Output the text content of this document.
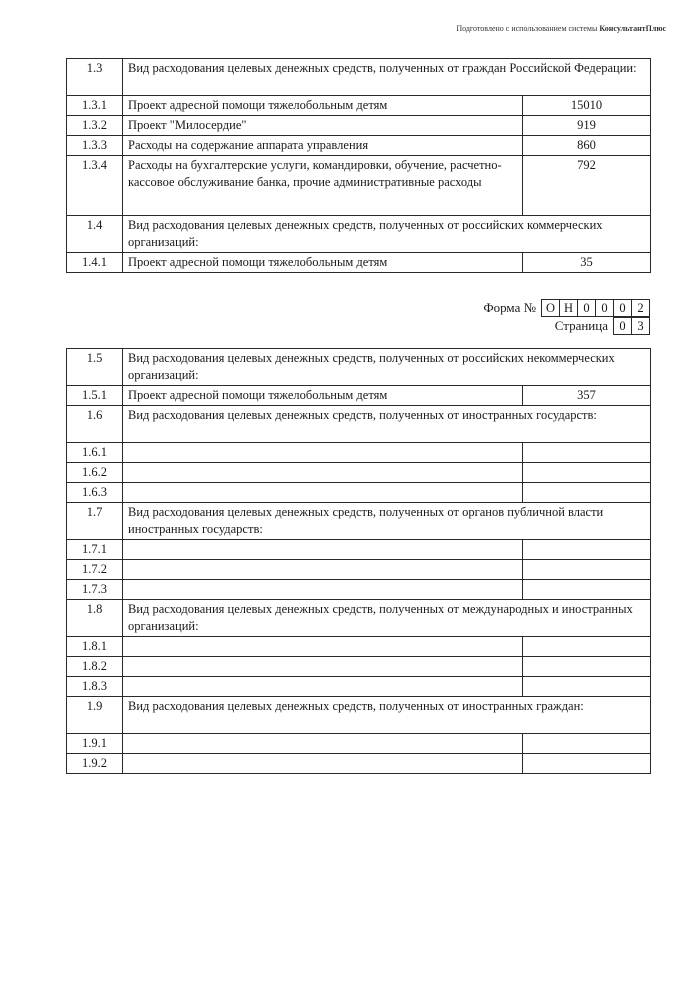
Подготовлено с использованием системы КонсультантПлюс
1.3	Вид расходования целевых денежных средств, полученных от граждан Российской Федерации:	
1.3.1	Проект адресной помощи тяжелобольным детям	15010
1.3.2	Проект "Милосердие"	919
1.3.3	Расходы на содержание аппарата управления	860
1.3.4	Расходы на бухгалтерские услуги, командировки, обучение, расчетно-кассовое обслуживание банка, прочие административные расходы	792
1.4	Вид расходования целевых денежных средств, полученных от российских коммерческих организаций:	
1.4.1	Проект адресной помощи тяжелобольным детям	35
Форма № О Н 0 0 0 2
Страница 0 3
1.5	Вид расходования целевых денежных средств, полученных от российских некоммерческих организаций:	
1.5.1	Проект адресной помощи тяжелобольным детям	357
1.6	Вид расходования целевых денежных средств, полученных от иностранных государств:	
1.6.1		
1.6.2		
1.6.3		
1.7	Вид расходования целевых денежных средств, полученных от органов публичной власти иностранных государств:	
1.7.1		
1.7.2		
1.7.3		
1.8	Вид расходования целевых денежных средств, полученных от международных и иностранных организаций:	
1.8.1		
1.8.2		
1.8.3		
1.9	Вид расходования целевых денежных средств, полученных от иностранных граждан:	
1.9.1		
1.9.2		
